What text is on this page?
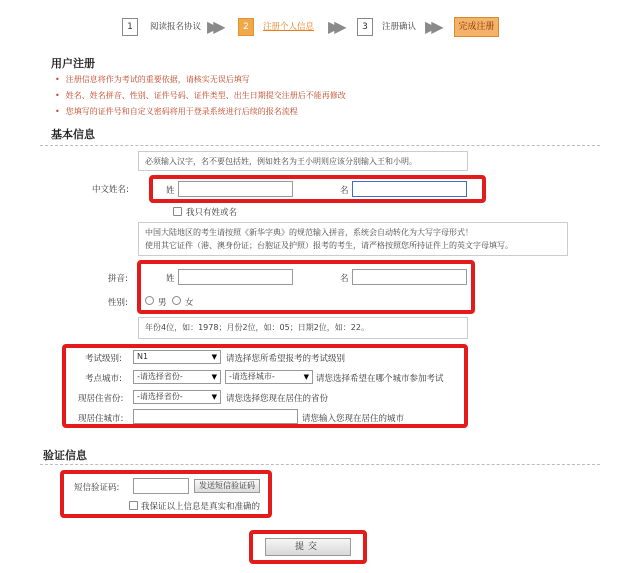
1	阅读报名协议 ▶▶	2	注册个人信息 ▶▶	3	注册确认 ▶▶	完成注册
用户注册
• 注册信息将作为考试的重要依据，请核实无误后填写
• 姓名、姓名拼音、性别、证件号码、证件类型、出生日期提交注册后不能再修改
• 您填写的证件号和自定义密码将用于登录系统进行后续的报名流程
基本信息
必须输入汉字，名不要包括姓，例如姓名为王小明则应该分别输入王和小明。
中文姓名:	姓	名
我只有姓或名
中国大陆地区的考生请按照《新华字典》的规范输入拼音，系统会自动转化为大写字母形式！
使用其它证件（港、澳身份证；台胞证及护照）报考的考生，请严格按照您所持证件上的英文字母填写。
拼音:	姓	名
性别:	男 女
年份4位，如：1978；月份2位，如：05；日期2位，如：22。
考试级别:	N1	▼ 请选择您所希望报考的考试级别
考点城市:	-请选择省份-	▼	-请选择城市-	▼ 请您选择希望在哪个城市参加考试
现居住省份:	-请选择省份-	▼ 请您选择您现在居住的省份
现居住城市:	请您输入您现在居住的城市
验证信息
短信验证码:	发送短信验证码
我保证以上信息是真实和准确的
提交
